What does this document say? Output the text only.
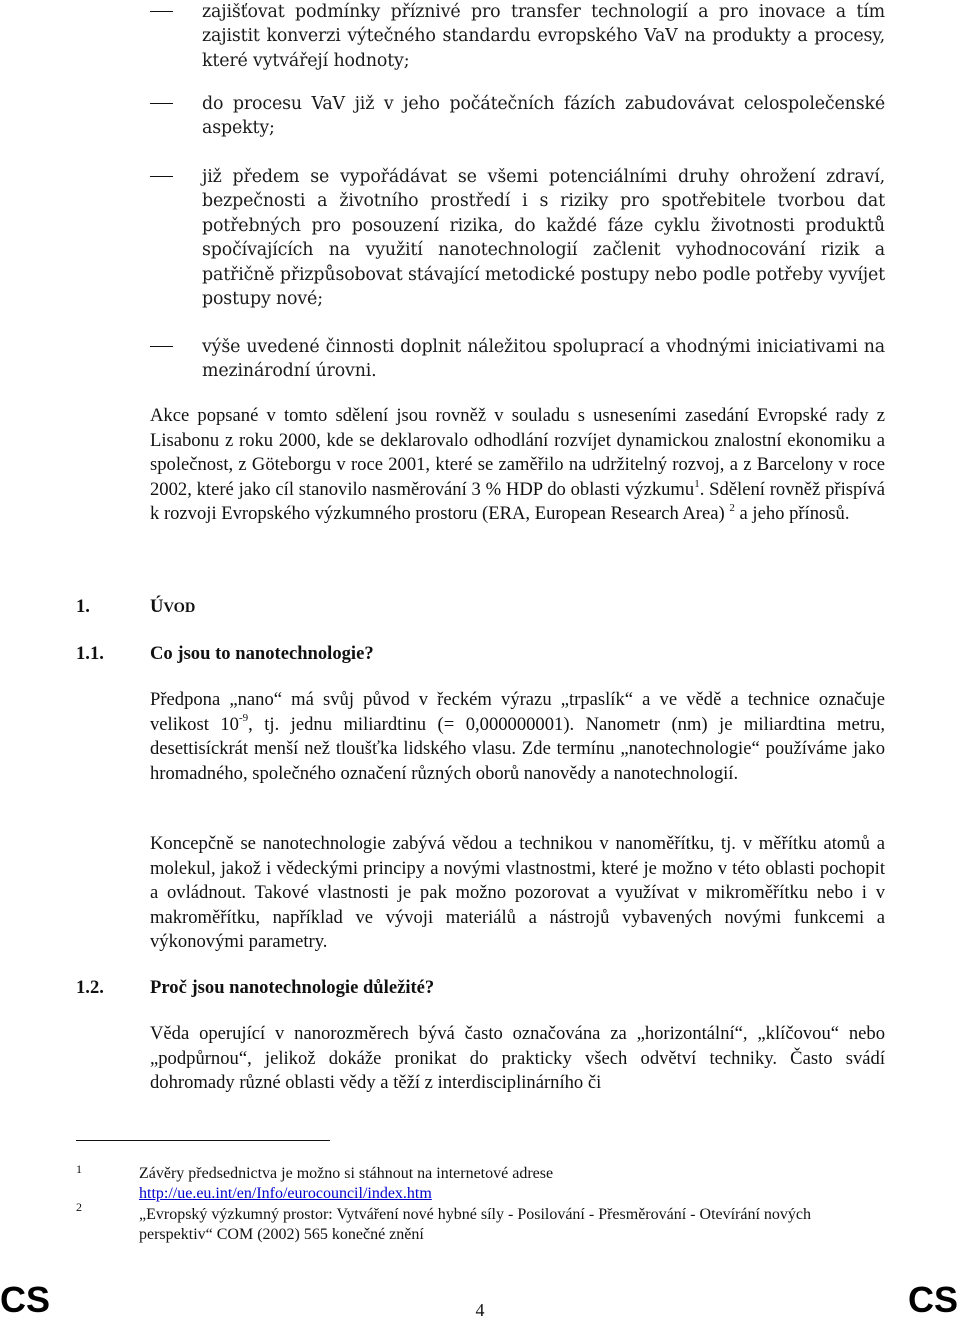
zajišťovat podmínky příznivé pro transfer technologií a pro inovace a tím zajistit konverzi výtečného standardu evropského VaV na produkty a procesy, které vytvářejí hodnoty;
do procesu VaV již v jeho počátečních fázích zabudovávat celospolečenské aspekty;
již předem se vypořádávat se všemi potenciálními druhy ohrožení zdraví, bezpečnosti a životního prostředí i s riziky pro spotřebitele tvorbou dat potřebných pro posouzení rizika, do každé fáze cyklu životnosti produktů spočívajících na využití nanotechnologií začlenit vyhodnocování rizik a patřičně přizpůsobovat stávající metodické postupy nebo podle potřeby vyvíjet postupy nové;
výše uvedené činnosti doplnit náležitou spoluprací a vhodnými iniciativami na mezinárodní úrovni.
Akce popsané v tomto sdělení jsou rovněž v souladu s usneseními zasedání Evropské rady z Lisabonu z roku 2000, kde se deklarovalo odhodlání rozvíjet dynamickou znalostní ekonomiku a společnost, z Göteborgu v roce 2001, které se zaměřilo na udržitelný rozvoj, a z Barcelony v roce 2002, které jako cíl stanovilo nasměrování 3 % HDP do oblasti výzkumu$^1$. Sdělení rovněž přispívá k rozvoji Evropského výzkumného prostoru (ERA, European Research Area) $^2$ a jeho přínosů.
1.	ÚVOD
1.1. Co jsou to nanotechnologie?
Předpona „nano“ má svůj původ v řeckém výrazu „trpaslík“ a ve vědě a technice označuje velikost $10^{-9}$, tj. jednu miliardtinu (= 0,000000001). Nanometr (nm) je miliardtina metru, desettisíckrát menší než tloušťka lidského vlasu. Zde termínu „nanotechnologie“ používáme jako hromadného, společného označení různých oborů nanovědy a nanotechnologií.
Koncepčně se nanotechnologie zabývá vědou a technikou v nanoměřítku, tj. v měřítku atomů a molekul, jakož i vědeckými principy a novými vlastnostmi, které je možno v této oblasti pochopit a ovládnout. Takové vlastnosti je pak možno pozorovat a využívat v mikroměřítku nebo i v makroměřítku, například ve vývoji materiálů a nástrojů vybavených novými funkcemi a výkonovými parametry.
1.2. Proč jsou nanotechnologie důležité?
Věda operující v nanorozměrech bývá často označována za „horizontální“, „klíčovou“ nebo „podpůrnou“, jelikož dokáže pronikat do prakticky všech odvětví techniky. Často svádí dohromady různé oblasti vědy a těží z interdisciplinárního či
1	Závěry předsednictva je možno si stáhnout na internetové adrese
http://ue.eu.int/en/Info/eurocouncil/index.htm
2	„Evropský výzkumný prostor: Vytváření nové hybné síly - Posilování - Přesměrování - Otevírání nových perspektiv“ COM (2002) 565 konečné znění
CS	4	CS
